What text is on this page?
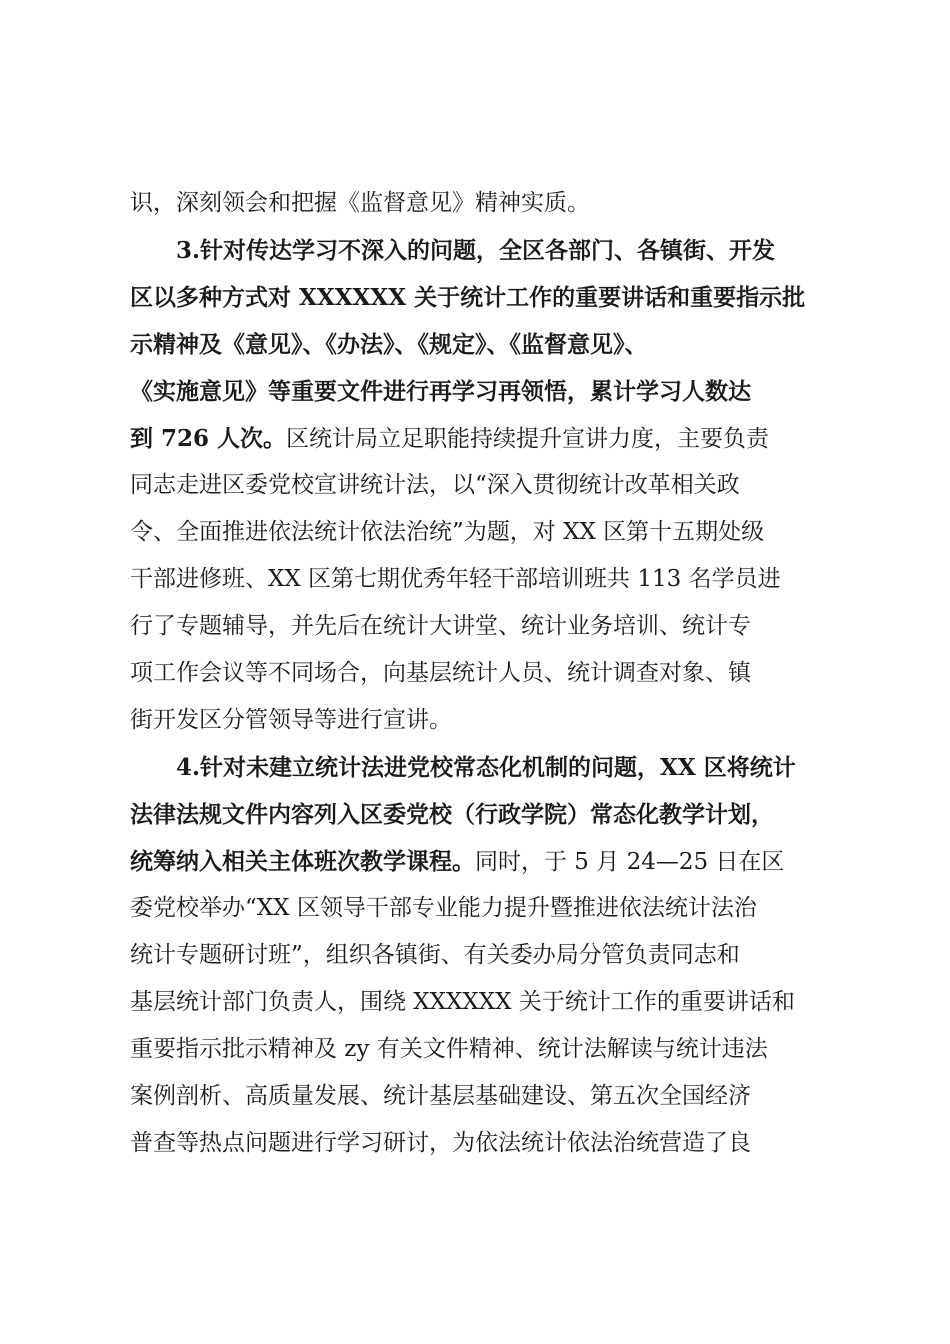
识，深刻领会和把握《监督意见》精神实质。
3.针对传达学习不深入的问题，全区各部门、各镇街、开发
区以多种方式对 XXXXXX 关于统计工作的重要讲话和重要指示批
示精神及《意见》、《办法》、《规定》、《监督意见》、
《实施意见》等重要文件进行再学习再领悟，累计学习人数达
到 726 人次。区统计局立足职能持续提升宣讲力度，主要负责
同志走进区委党校宣讲统计法，以“深入贯彻统计改革相关政
令、全面推进依法统计依法治统”为题，对 XX 区第十五期处级
干部进修班、XX 区第七期优秀年轻干部培训班共 113 名学员进
行了专题辅导，并先后在统计大讲堂、统计业务培训、统计专
项工作会议等不同场合，向基层统计人员、统计调查对象、镇
街开发区分管领导等进行宣讲。
4.针对未建立统计法进党校常态化机制的问题，XX 区将统计
法律法规文件内容列入区委党校（行政学院）常态化教学计划，
统筹纳入相关主体班次教学课程。同时，于 5 月 24—25 日在区
委党校举办“XX 区领导干部专业能力提升暨推进依法统计法治
统计专题研讨班”，组织各镇街、有关委办局分管负责同志和
基层统计部门负责人，围绕 XXXXXX 关于统计工作的重要讲话和
重要指示批示精神及 zy 有关文件精神、统计法解读与统计违法
案例剖析、高质量发展、统计基层基础建设、第五次全国经济
普查等热点问题进行学习研讨，为依法统计依法治统营造了良
